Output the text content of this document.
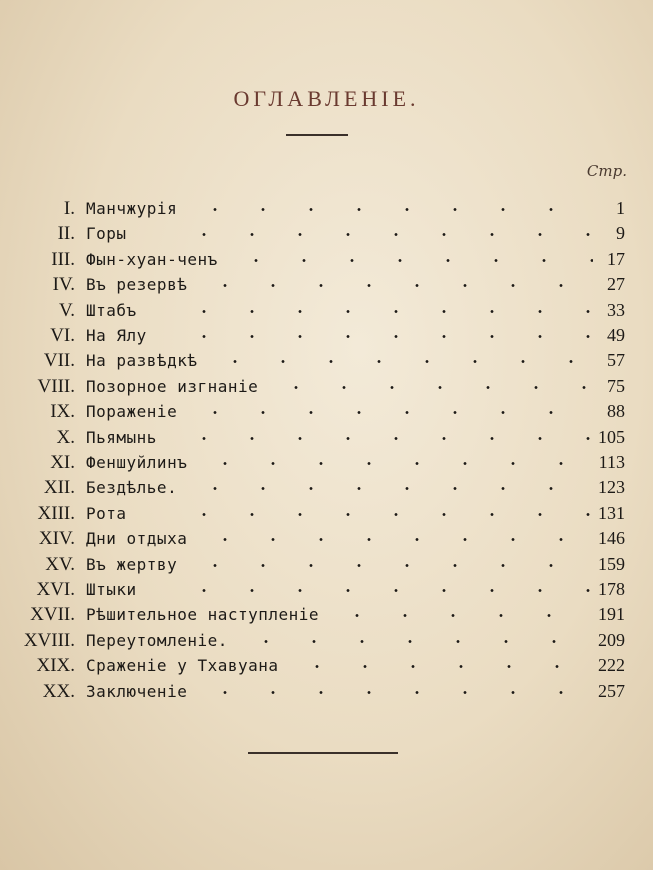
ОГЛАВЛЕНІЕ.
Стр.
I. Манчжурія	1
II. Горы	9
III. Фын-хуан-ченъ	17
IV. Въ резервѣ	27
V. Штабъ	33
VI. На Ялу	49
VII. На развѣдкѣ	57
VIII. Позорное изгнаніе	75
IX. Пораженіе	88
X. Пьямынь	105
XI. Феншуйлинъ	113
XII. Бездѣлье.	123
XIII. Рота	131
XIV. Дни отдыха	146
XV. Въ жертву	159
XVI. Штыки	178
XVII. Рѣшительное наступленіе	191
XVIII. Переутомленіе.	209
XIX. Сраженіе у Тхавуана	222
XX. Заключеніе	257
